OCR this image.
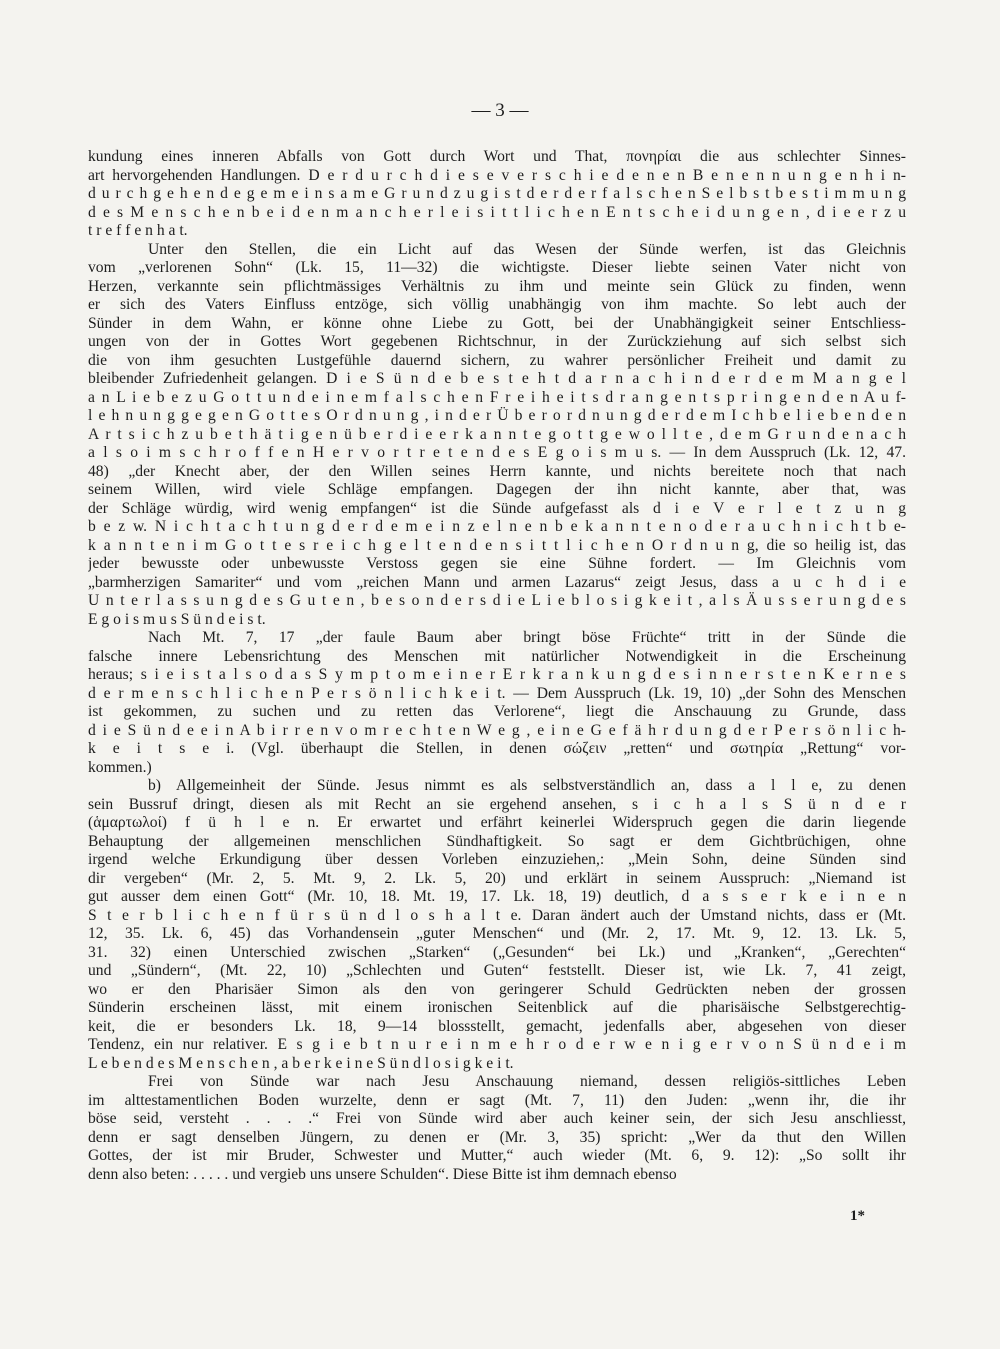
— 3 —
kundung eines inneren Abfalls von Gott durch Wort und That, πονηρίαι die aus schlechter Sinnes-
art hervorgehenden Handlungen. D e r d u r c h d i e s e v e r s c h i e d e n e n B e n e n n u n g e n h i n-
d u r c h g e h e n d e g e m e i n s a m e G r u n d z u g i s t d e r d e r f a l s c h e n S e l b s t b e s t i m m u n g
d e s M e n s c h e n b e i d e n m a n c h e r l e i s i t t l i c h e n E n t s c h e i d u n g e n , d i e e r z u
t r e f f e n h a t.
Unter den Stellen, die ein Licht auf das Wesen der Sünde werfen, ist das Gleichnis
vom „verlorenen Sohn“ (Lk. 15, 11—32) die wichtigste. Dieser liebte seinen Vater nicht von
Herzen, verkannte sein pflichtmässiges Verhältnis zu ihm und meinte sein Glück zu finden, wenn
er sich des Vaters Einfluss entzöge, sich völlig unabhängig von ihm machte. So lebt auch der
Sünder in dem Wahn, er könne ohne Liebe zu Gott, bei der Unabhängigkeit seiner Entschliess-
ungen von der in Gottes Wort gegebenen Richtschnur, in der Zurückziehung auf sich selbst sich
die von ihm gesuchten Lustgefühle dauernd sichern, zu wahrer persönlicher Freiheit und damit zu
bleibender Zufriedenheit gelangen. D i e S ü n d e b e s t e h t d a r n a c h i n d e r d e m M a n g e l
a n L i e b e z u G o t t u n d e i n e m f a l s c h e n F r e i h e i t s d r a n g e n t s p r i n g e n d e n A u f-
l e h n u n g g e g e n G o t t e s O r d n u n g , i n d e r Ü b e r o r d n u n g d e r d e m I c h b e l i e b e n d e n
A r t s i c h z u b e t h ä t i g e n ü b e r d i e e r k a n n t e g o t t g e w o l l t e , d e m G r u n d e n a c h
a l s o i m s c h r o f f e n H e r v o r t r e t e n d e s E g o i s m u s. — In dem Ausspruch (Lk. 12, 47.
48) „der Knecht aber, der den Willen seines Herrn kannte, und nichts bereitete noch that nach
seinem Willen, wird viele Schläge empfangen. Dagegen der ihn nicht kannte, aber that, was
der Schläge würdig, wird wenig empfangen“ ist die Sünde aufgefasst als d i e V e r l e t z u n g
b e z w. N i c h t a c h t u n g d e r d e m e i n z e l n e n b e k a n n t e n o d e r a u c h n i c h t b e-
k a n n t e n i m G o t t e s r e i c h g e l t e n d e n s i t t l i c h e n O r d n u n g, die so heilig ist, das
jeder bewusste oder unbewusste Verstoss gegen sie eine Sühne fordert. — Im Gleichnis vom
„barmherzigen Samariter“ und vom „reichen Mann und armen Lazarus“ zeigt Jesus, dass a u c h d i e
U n t e r l a s s u n g d e s G u t e n , b e s o n d e r s d i e L i e b l o s i g k e i t , a l s Ä u s s e r u n g d e s
E g o i s m u s S ü n d e i s t.
Nach Mt. 7, 17 „der faule Baum aber bringt böse Früchte“ tritt in der Sünde die
falsche innere Lebensrichtung des Menschen mit natürlicher Notwendigkeit in die Erscheinung
heraus; s i e i s t a l s o d a s S y m p t o m e i n e r E r k r a n k u n g d e s i n n e r s t e n K e r n e s
d e r m e n s c h l i c h e n P e r s ö n l i c h k e i t. — Dem Ausspruch (Lk. 19, 10) „der Sohn des Menschen
ist gekommen, zu suchen und zu retten das Verlorene“, liegt die Anschauung zu Grunde, dass
d i e S ü n d e e i n A b i r r e n v o m r e c h t e n W e g , e i n e G e f ä h r d u n g d e r P e r s ö n l i c h-
k e i t s e i. (Vgl. überhaupt die Stellen, in denen σώζειν „retten“ und σωτηρία „Rettung“ vor-
kommen.)
b) Allgemeinheit der Sünde. Jesus nimmt es als selbstverständlich an, dass a l l e, zu denen
sein Bussruf dringt, diesen als mit Recht an sie ergehend ansehen, s i c h a l s S ü n d e r
(ἁμαρτωλοί) f ü h l e n. Er erwartet und erfährt keinerlei Widerspruch gegen die darin liegende
Behauptung der allgemeinen menschlichen Sündhaftigkeit. So sagt er dem Gichtbrüchigen, ohne
irgend welche Erkundigung über dessen Vorleben einzuziehen,: „Mein Sohn, deine Sünden sind
dir vergeben“ (Mr. 2, 5. Mt. 9, 2. Lk. 5, 20) und erklärt in seinem Ausspruch: „Niemand ist
gut ausser dem einen Gott“ (Mr. 10, 18. Mt. 19, 17. Lk. 18, 19) deutlich, d a s s e r k e i n e n
S t e r b l i c h e n f ü r s ü n d l o s h a l t e. Daran ändert auch der Umstand nichts, dass er (Mt.
12, 35. Lk. 6, 45) das Vorhandensein „guter Menschen“ und (Mr. 2, 17. Mt. 9, 12. 13. Lk. 5,
31. 32) einen Unterschied zwischen „Starken“ („Gesunden“ bei Lk.) und „Kranken“, „Gerechten“
und „Sündern“, (Mt. 22, 10) „Schlechten und Guten“ feststellt. Dieser ist, wie Lk. 7, 41 zeigt,
wo er den Pharisäer Simon als den von geringerer Schuld Gedrückten neben der grossen
Sünderin erscheinen lässt, mit einem ironischen Seitenblick auf die pharisäische Selbstgerechtig-
keit, die er besonders Lk. 18, 9—14 blossstellt, gemacht, jedenfalls aber, abgesehen von dieser
Tendenz, ein nur relativer. E s g i e b t n u r e i n m e h r o d e r w e n i g e r v o n S ü n d e i m
L e b e n d e s M e n s c h e n , a b e r k e i n e S ü n d l o s i g k e i t.
Frei von Sünde war nach Jesu Anschauung niemand, dessen religiös-sittliches Leben
im alttestamentlichen Boden wurzelte, denn er sagt (Mt. 7, 11) den Juden: „wenn ihr, die ihr
böse seid, versteht . . . .“ Frei von Sünde wird aber auch keiner sein, der sich Jesu anschliesst,
denn er sagt denselben Jüngern, zu denen er (Mr. 3, 35) spricht: „Wer da thut den Willen
Gottes, der ist mir Bruder, Schwester und Mutter,“ auch wieder (Mt. 6, 9. 12): „So sollt ihr
denn also beten: . . . . . und vergieb uns unsere Schulden“. Diese Bitte ist ihm demnach ebenso
1*
